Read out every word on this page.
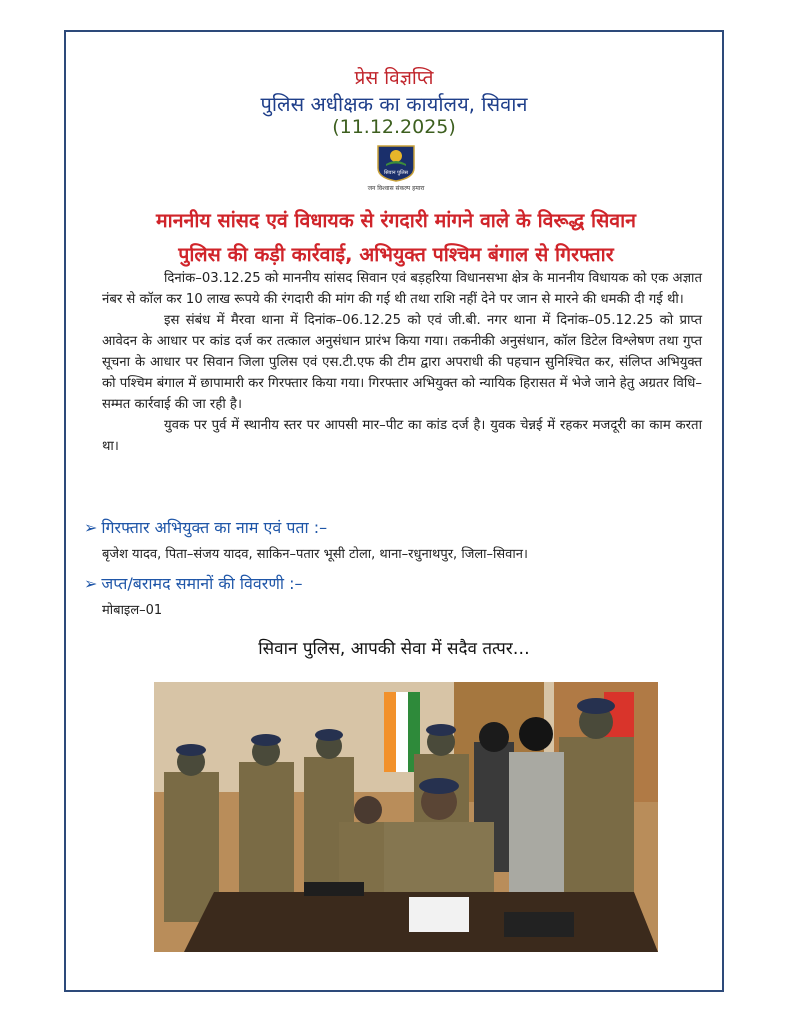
प्रेस विज्ञप्ति
पुलिस अधीक्षक का कार्यालय, सिवान
(11.12.2025)
सिवान पुलिस
जन विश्वास संकल्प हमारा
माननीय सांसद एवं विधायक से रंगदारी मांगने वाले के विरूद्ध सिवान
पुलिस की कड़ी कार्रवाई, अभियुक्त पश्चिम बंगाल से गिरफ्तार

दिनांक–03.12.25 को माननीय सांसद सिवान एवं बड़हरिया विधानसभा क्षेत्र के माननीय विधायक को एक अज्ञात नंबर से कॉल कर 10 लाख रूपये की रंगदारी की मांग की गई थी तथा राशि नहीं देने पर जान से मारने की धमकी दी गई थी।

इस संबंध में मैरवा थाना में दिनांक–06.12.25 को एवं जी.बी. नगर थाना में दिनांक–05.12.25 को प्राप्त आवेदन के आधार पर कांड दर्ज कर तत्काल अनुसंधान प्रारंभ किया गया। तकनीकी अनुसंधान, कॉल डिटेल विश्लेषण तथा गुप्त सूचना के आधार पर सिवान जिला पुलिस एवं एस.टी.एफ की टीम द्वारा अपराधी की पहचान सुनिश्चित कर, संलिप्त अभियुक्त को पश्चिम बंगाल में छापामारी कर गिरफ्तार किया गया। गिरफ्तार अभियुक्त को न्यायिक हिरासत में भेजे जाने हेतु अग्रतर विधि–सम्मत कार्रवाई की जा रही है।

युवक पर पुर्व में स्थानीय स्तर पर आपसी मार–पीट का कांड दर्ज है। युवक चेन्नई में रहकर मजदूरी का काम करता था।

➢ गिरफ्तार अभियुक्त का नाम एवं पता :–
बृजेश यादव, पिता–संजय यादव, साकिन–पतार भूसी टोला, थाना–रधुनाथपुर, जिला–सिवान।
➢ जप्त/बरामद समानों की विवरणी :–
मोबाइल–01
सिवान पुलिस, आपकी सेवा में सदैव तत्पर…
